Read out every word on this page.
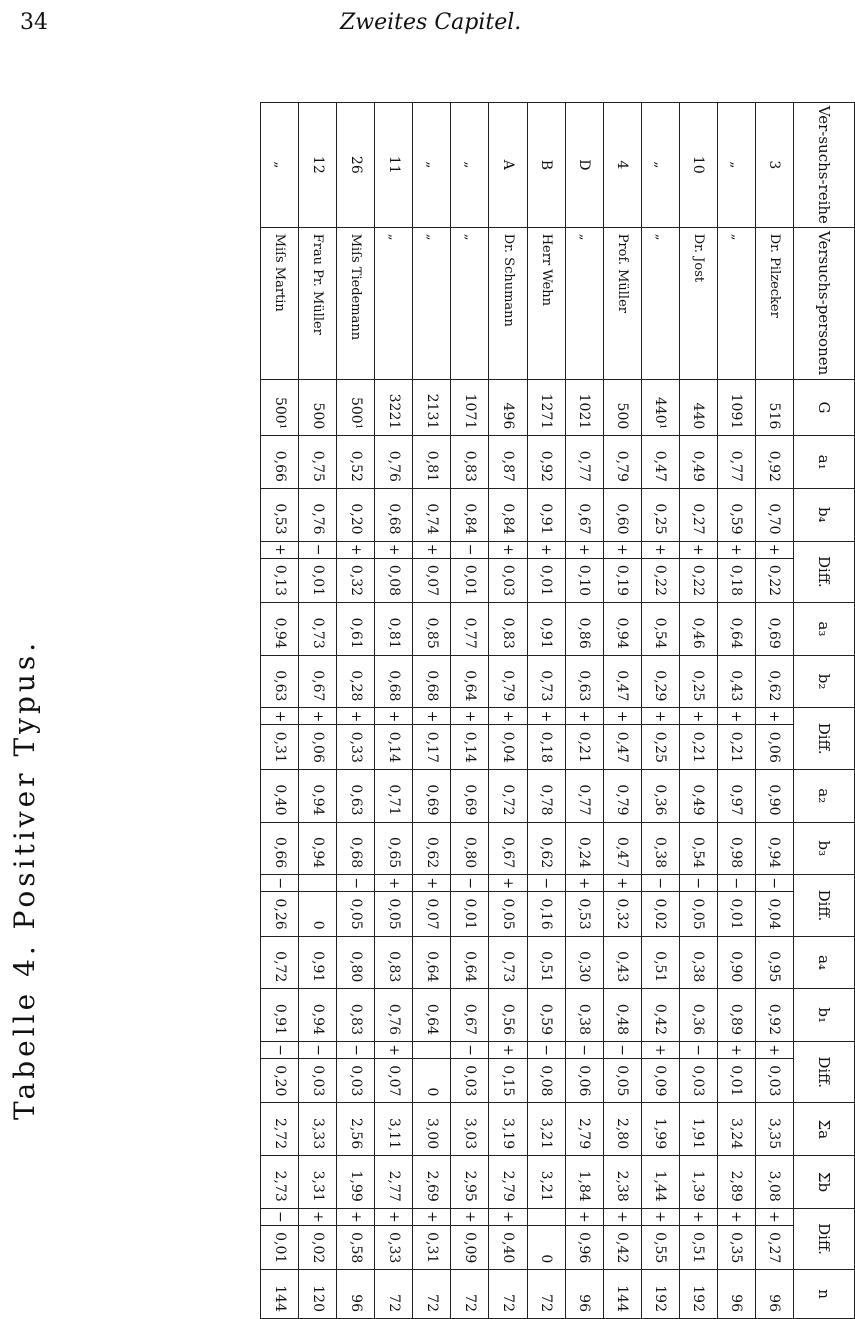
34	Zweites Capitel.
Tabelle 4. Positiver Typus.
Ver-suchs-reihe	Versuchs-personen	G	a₁	b₄	Diff.		a₃	b₂	Diff.		a₂	b₃	Diff.		a₄	b₁	Diff.		Σa	Σb	Diff.		n
3	Dr. Pilzecker	516	0,92	0,70	+	0,22	0,69	0,62	+	0,06	0,90	0,94	−	0,04	0,95	0,92	+	0,03	3,35	3,08	+	0,27	96
„	„	1091	0,77	0,59	+	0,18	0,64	0,43	+	0,21	0,97	0,98	−	0,01	0,90	0,89	+	0,01	3,24	2,89	+	0,35	96
10	Dr. Jost	440	0,49	0,27	+	0,22	0,46	0,25	+	0,21	0,49	0,54	−	0,05	0,38	0,36	−	0,03	1,91	1,39	+	0,51	192
„	„	440¹	0,47	0,25	+	0,22	0,54	0,29	+	0,25	0,36	0,38	−	0,02	0,51	0,42	+	0,09	1,99	1,44	+	0,55	192
4	Prof. Müller	500	0,79	0,60	+	0,19	0,94	0,47	+	0,47	0,79	0,47	+	0,32	0,43	0,48	−	0,05	2,80	2,38	+	0,42	144
D	„	1021	0,77	0,67	+	0,10	0,86	0,63	+	0,21	0,77	0,24	+	0,53	0,30	0,38	−	0,06	2,79	1,84	+	0,96	96
B	Herr Wehn	1271	0,92	0,91	+	0,01	0,91	0,73	+	0,18	0,78	0,62	−	0,16	0,51	0,59	−	0,08	3,21	3,21		0	72
A	Dr. Schumann	496	0,87	0,84	+	0,03	0,83	0,79	+	0,04	0,72	0,67	+	0,05	0,73	0,56	+	0,15	3,19	2,79	+	0,40	72
„	„	1071	0,83	0,84	−	0,01	0,77	0,64	+	0,14	0,69	0,80	−	0,01	0,64	0,67	−	0,03	3,03	2,95	+	0,09	72
„	„	2131	0,81	0,74	+	0,07	0,85	0,68	+	0,17	0,69	0,62	+	0,07	0,64	0,64		0	3,00	2,69	+	0,31	72
11	„	3221	0,76	0,68	+	0,08	0,81	0,68	+	0,14	0,71	0,65	+	0,05	0,83	0,76	+	0,07	3,11	2,77	+	0,33	72
26	Miſs Tiedemann	500¹	0,52	0,20	+	0,32	0,61	0,28	+	0,33	0,63	0,68	−	0,05	0,80	0,83	−	0,03	2,56	1,99	+	0,58	96
12	Frau Pr. Müller	500	0,75	0,76	−	0,01	0,73	0,67	+	0,06	0,94	0,94		0	0,91	0,94	−	0,03	3,33	3,31	+	0,02	120
„	Miſs Martin	500¹	0,66	0,53	+	0,13	0,94	0,63	+	0,31	0,40	0,66	−	0,26	0,72	0,91	−	0,20	2,72	2,73	−	0,01	144
